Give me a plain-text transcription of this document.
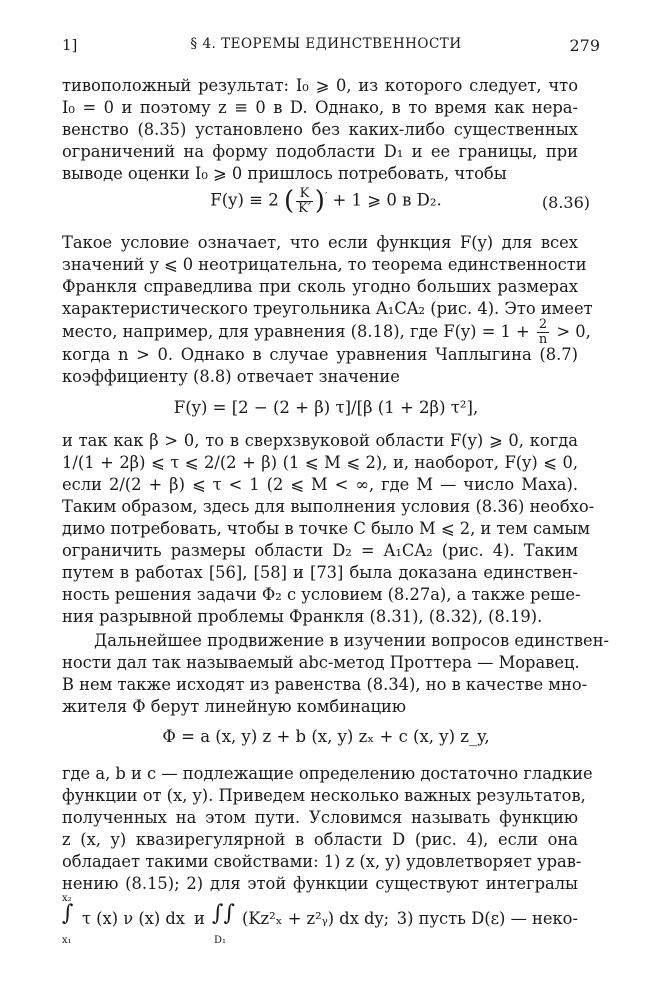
1]	§ 4. ТЕОРЕМЫ ЕДИНСТВЕННОСТИ	279
тивоположный результат: I₀ ⩾ 0, из которого следует, что
I₀ = 0 и поэтому z ≡ 0 в D. Однако, в то время как нера-
венство (8.35) установлено без каких-либо существенных
ограничений на форму подобласти D₁ и ее границы, при
выводе оценки I₀ ⩾ 0 пришлось потребовать, чтобы
F(y) ≡ 2 ( $\frac{K}{K'} )' + 1$ ⩾ 0 в D₂.	(8.36)
Такое условие означает, что если функция F(y) для всех
значений y ⩽ 0 неотрицательна, то теорема единственности
Франкля справедлива при сколь угодно больших размерах
характеристического треугольника A₁CA₂ (рис. 4). Это имеет
место, например, для уравнения (8.18), где $F(y) = 1 + \frac{2}{n} > 0$,
когда n > 0. Однако в случае уравнения Чаплыгина (8.7)
коэффициенту (8.8) отвечает значение
F(y) = [2 − (2 + β) τ]/[β (1 + 2β) τ²],
и так как β > 0, то в сверхзвуковой области F(y) ⩾ 0, когда
1/(1 + 2β) ⩽ τ ⩽ 2/(2 + β) (1 ⩽ M ⩽ 2), и, наоборот, F(y) ⩽ 0,
если 2/(2 + β) ⩽ τ < 1 (2 ⩽ M < ∞, где M — число Маха).
Таким образом, здесь для выполнения условия (8.36) необхо-
димо потребовать, чтобы в точке C было M ⩽ 2, и тем самым
ограничить размеры области D₂ = A₁CA₂ (рис. 4). Таким
путем в работах [56], [58] и [73] была доказана единствен-
ность решения задачи Φ₂ с условием (8.27а), а также реше-
ния разрывной проблемы Франкля (8.31), (8.32), (8.19).
Дальнейшее продвижение в изучении вопросов единствен-
ности дал так называемый abc-метод Проттера — Моравец.
В нем также исходят из равенства (8.34), но в качестве мно-
жителя Φ берут линейную комбинацию
Φ = a (x, y) z + b (x, y) zₓ + c (x, y) z_y,
где a, b и c — подлежащие определению достаточно гладкие
функции от (x, y). Приведем несколько важных результатов,
полученных на этом пути. Условимся называть функцию
z (x, y) квазирегулярной в области D (рис. 4), если она
обладает такими свойствами: 1) z (x, y) удовлетворяет урав-
нению (8.15); 2) для этой функции существуют интегралы
x₂
∫
x₁
τ (x) ν (x) dx и ∫∫
D₁
(Kz²ₓ + z²ᵧ) dx dy; 3) пусть D(ε) — неко-
